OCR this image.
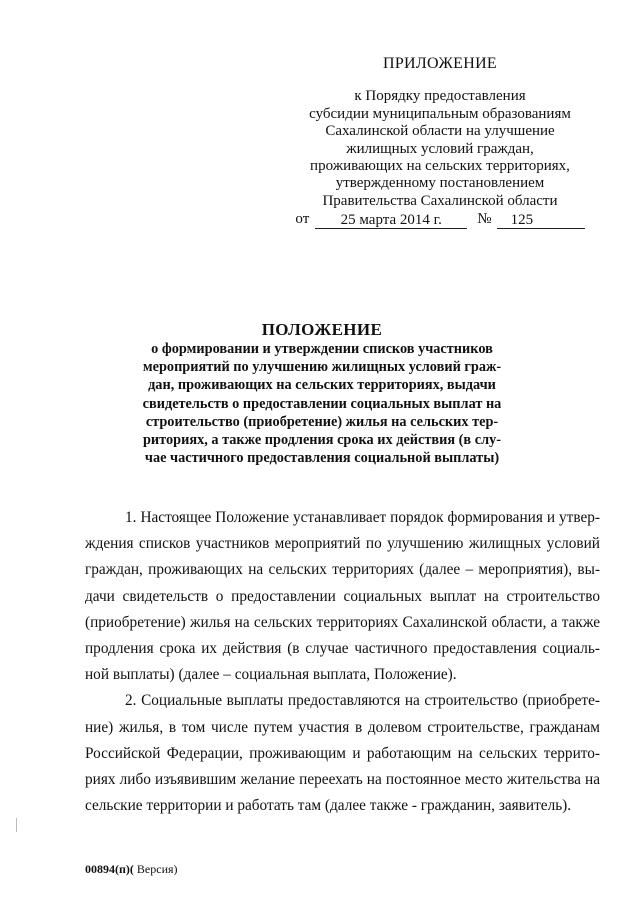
ПРИЛОЖЕНИЕ
к Порядку предоставления
субсидии муниципальным образованиям
Сахалинской области на улучшение
жилищных условий граждан,
проживающих на сельских территориях,
утвержденному постановлением
Правительства Сахалинской области
от	25 марта 2014 г.	№	125
ПОЛОЖЕНИЕ
о формировании и утверждении списков участников
мероприятий по улучшению жилищных условий граж-
дан, проживающих на сельских территориях, выдачи
свидетельств о предоставлении социальных выплат на
строительство (приобретение) жилья на сельских тер-
риториях, а также продления срока их действия (в слу-
чае частичного предоставления социальной выплаты)
1. Настоящее Положение устанавливает порядок формирования и утвер-
ждения списков участников мероприятий по улучшению жилищных условий
граждан, проживающих на сельских территориях (далее – мероприятия), вы-
дачи свидетельств о предоставлении социальных выплат на строительство
(приобретение) жилья на сельских территориях Сахалинской области, а также
продления срока их действия (в случае частичного предоставления социаль-
ной выплаты) (далее – социальная выплата, Положение).
2. Социальные выплаты предоставляются на строительство (приобрете-
ние) жилья, в том числе путем участия в долевом строительстве, гражданам
Российской Федерации, проживающим и работающим на сельских террито-
риях либо изъявившим желание переехать на постоянное место жительства на
сельские территории и работать там (далее также - гражданин, заявитель).
00894(п)( Версия)
